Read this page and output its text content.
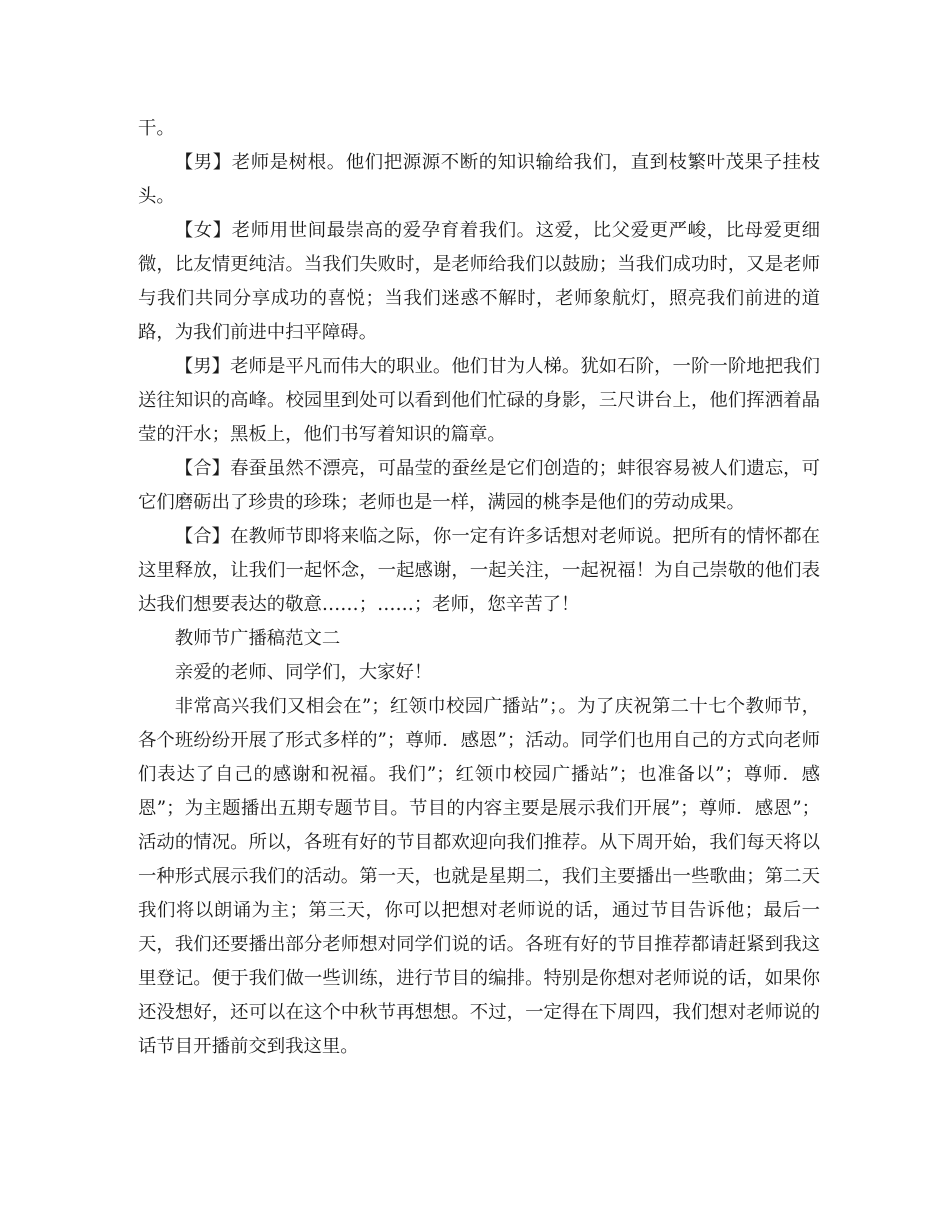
干。

【男】老师是树根。他们把源源不断的知识输给我们，直到枝繁叶茂果子挂枝头。

【女】老师用世间最崇高的爱孕育着我们。这爱，比父爱更严峻，比母爱更细微，比友情更纯洁。当我们失败时，是老师给我们以鼓励；当我们成功时，又是老师与我们共同分享成功的喜悦；当我们迷惑不解时，老师象航灯，照亮我们前进的道路，为我们前进中扫平障碍。

【男】老师是平凡而伟大的职业。他们甘为人梯。犹如石阶，一阶一阶地把我们送往知识的高峰。校园里到处可以看到他们忙碌的身影，三尺讲台上，他们挥洒着晶莹的汗水；黑板上，他们书写着知识的篇章。

【合】春蚕虽然不漂亮，可晶莹的蚕丝是它们创造的；蚌很容易被人们遗忘，可它们磨砺出了珍贵的珍珠；老师也是一样，满园的桃李是他们的劳动成果。

【合】在教师节即将来临之际，你一定有许多话想对老师说。把所有的情怀都在这里释放，让我们一起怀念，一起感谢，一起关注，一起祝福！为自己崇敬的他们表达我们想要表达的敬意……；……；老师，您辛苦了！

教师节广播稿范文二

亲爱的老师、同学们，大家好！

非常高兴我们又相会在”；红领巾校园广播站”；。为了庆祝第二十七个教师节，各个班纷纷开展了形式多样的”；尊师．感恩”；活动。同学们也用自己的方式向老师们表达了自己的感谢和祝福。我们”；红领巾校园广播站”；也准备以”；尊师．感恩”；为主题播出五期专题节目。节目的内容主要是展示我们开展”；尊师．感恩”；活动的情况。所以，各班有好的节目都欢迎向我们推荐。从下周开始，我们每天将以一种形式展示我们的活动。第一天，也就是星期二，我们主要播出一些歌曲；第二天我们将以朗诵为主；第三天，你可以把想对老师说的话，通过节目告诉他；最后一天，我们还要播出部分老师想对同学们说的话。各班有好的节目推荐都请赶紧到我这里登记。便于我们做一些训练，进行节目的编排。特别是你想对老师说的话，如果你还没想好，还可以在这个中秋节再想想。不过，一定得在下周四，我们想对老师说的话节目开播前交到我这里。
